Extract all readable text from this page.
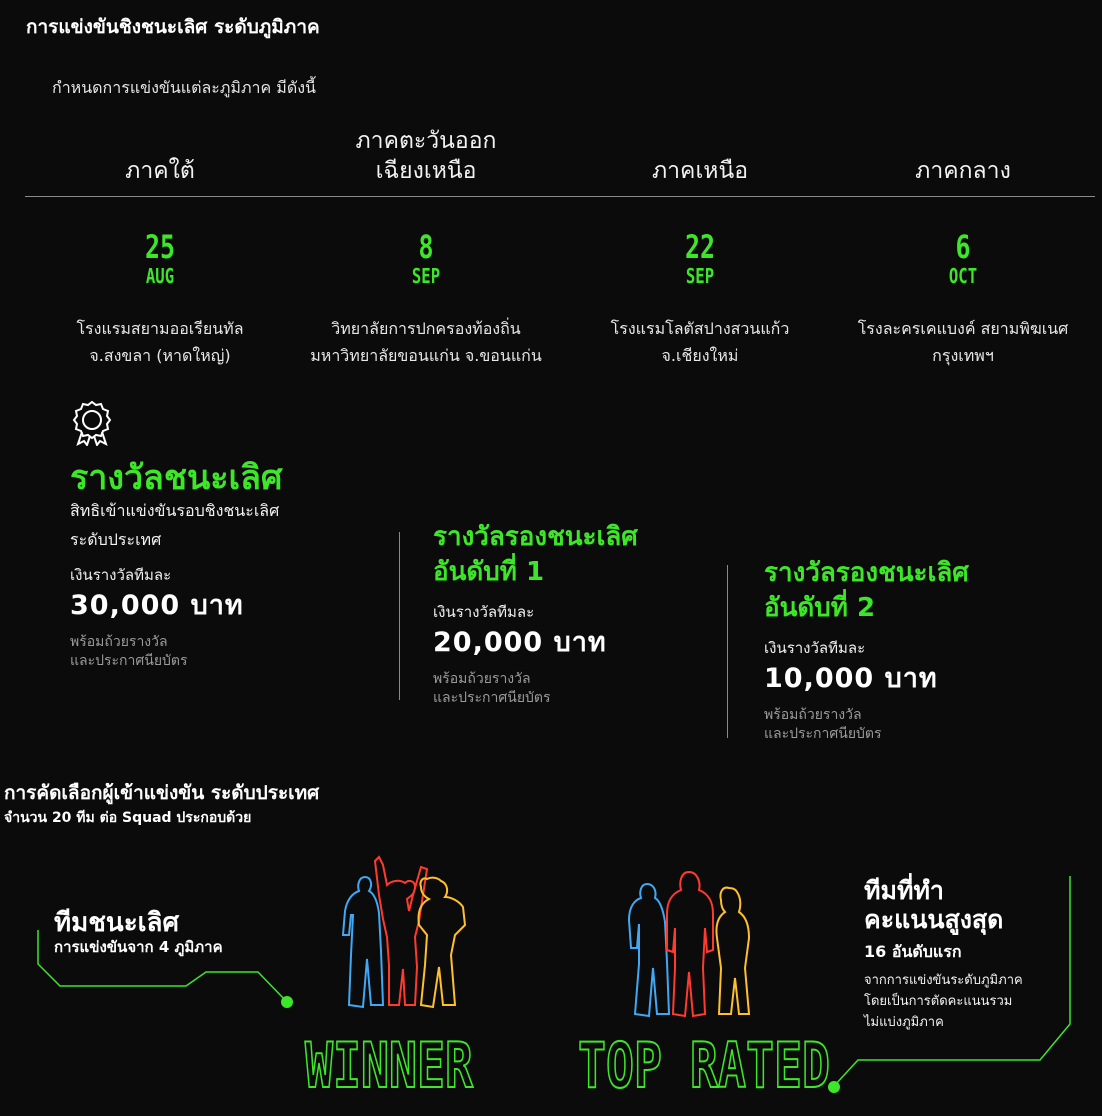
การแข่งขันชิงชนะเลิศ ระดับภูมิภาค
กำหนดการแข่งขันแต่ละภูมิภาค มีดังนี้
ภาคใต้
ภาคตะวันออก
เฉียงเหนือ	ภาคเหนือ	ภาคกลาง
25
AUG
8
SEP
22
SEP
6
OCT
โรงแรมสยามออเรียนทัล
จ.สงขลา (หาดใหญ่)
วิทยาลัยการปกครองท้องถิ่น
มหาวิทยาลัยขอนแก่น จ.ขอนแก่น
โรงแรมโลตัสปางสวนแก้ว
จ.เชียงใหม่
โรงละครเคแบงค์ สยามพิฆเนศ
กรุงเทพฯ
รางวัลชนะเลิศ
สิทธิเข้าแข่งขันรอบชิงชนะเลิศ
ระดับประเทศ
เงินรางวัลทีมละ
30,000 บาท
พร้อมถ้วยรางวัล
และประกาศนียบัตร
รางวัลรองชนะเลิศ
อันดับที่ 1
เงินรางวัลทีมละ
20,000 บาท
พร้อมถ้วยรางวัล
และประกาศนียบัตร
รางวัลรองชนะเลิศ
อันดับที่ 2
เงินรางวัลทีมละ
10,000 บาท
พร้อมถ้วยรางวัล
และประกาศนียบัตร
การคัดเลือกผู้เข้าแข่งขัน ระดับประเทศ
จำนวน 20 ทีม ต่อ Squad ประกอบด้วย
ทีมชนะเลิศ
การแข่งขันจาก 4 ภูมิภาค
WINNER TOP RATED
ทีมที่ทำ
คะแนนสูงสุด
16 อันดับแรก
จากการแข่งขันระดับภูมิภาค
โดยเป็นการตัดคะแนนรวม
ไม่แบ่งภูมิภาค
